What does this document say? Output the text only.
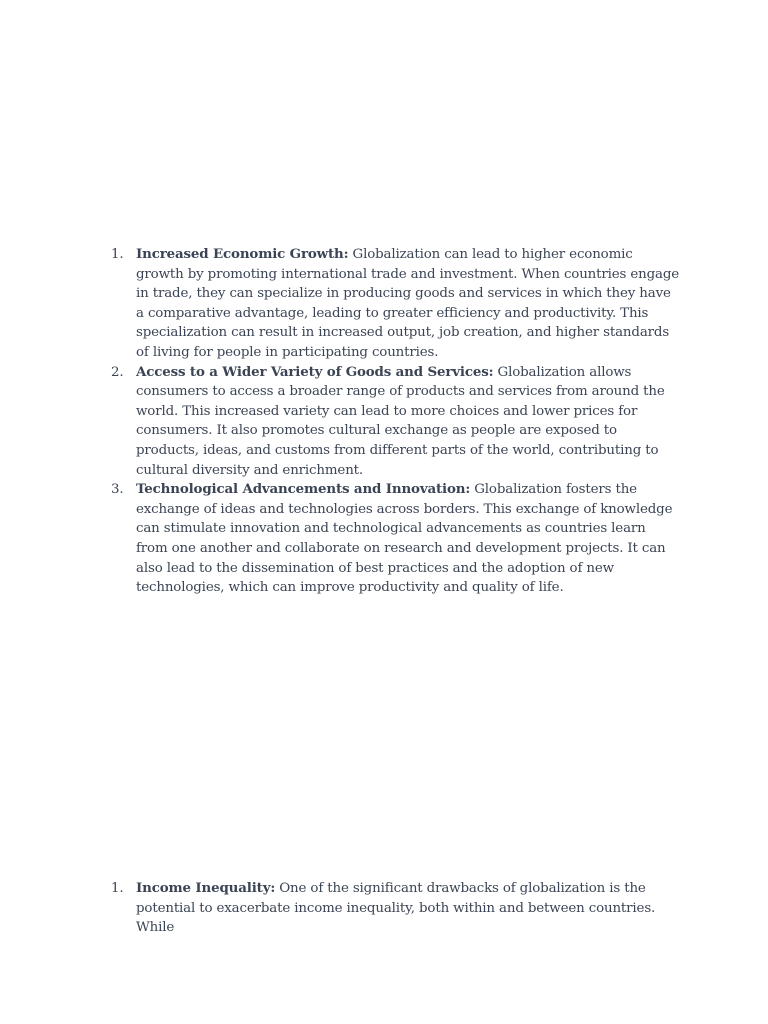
1. Increased Economic Growth: Globalization can lead to higher economic growth by promoting international trade and investment. When countries engage in trade, they can specialize in producing goods and services in which they have a comparative advantage, leading to greater efficiency and productivity. This specialization can result in increased output, job creation, and higher standards of living for people in participating countries.
2. Access to a Wider Variety of Goods and Services: Globalization allows consumers to access a broader range of products and services from around the world. This increased variety can lead to more choices and lower prices for consumers. It also promotes cultural exchange as people are exposed to products, ideas, and customs from different parts of the world, contributing to cultural diversity and enrichment.
3. Technological Advancements and Innovation: Globalization fosters the exchange of ideas and technologies across borders. This exchange of knowledge can stimulate innovation and technological advancements as countries learn from one another and collaborate on research and development projects. It can also lead to the dissemination of best practices and the adoption of new technologies, which can improve productivity and quality of life.
1. Income Inequality: One of the significant drawbacks of globalization is the potential to exacerbate income inequality, both within and between countries. While
